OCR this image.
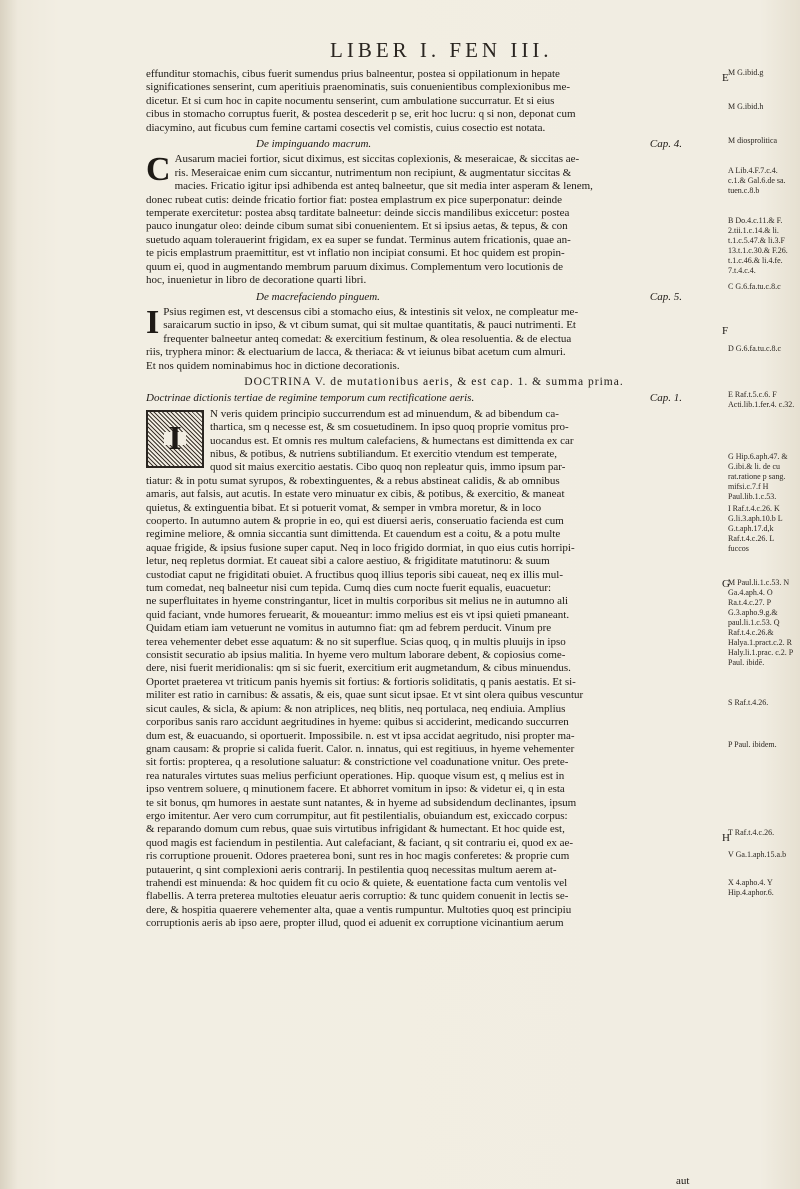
LIBER I. FEN III.

effunditur stomachis, cibus fuerit sumendus prius balneentur, postea si oppilationum in hepate
significationes senserint, cum aperitiuis praenominatis, suis conuenientibus complexionibus me-
dicetur. Et si cum hoc in capite nocumentu senserint, cum ambulatione succurratur. Et si eius
cibus in stomacho corruptus fuerit, & postea descederit p se, erit hoc lucru: q si non, deponat cum
diacymino, aut ficubus cum femine cartami cosectis vel comistis, cuius cosectio est notata.

De impinguando macrum.	Cap. 4.

C Ausarum maciei fortior, sicut diximus, est siccitas coplexionis, & meseraicae, & siccitas ae-
ris. Meseraicae enim cum siccantur, nutrimentum non recipiunt, & augmentatur siccitas &
macies. Fricatio igitur ipsi adhibenda est anteq balneetur, que sit media inter asperam & lenem,
donec rubeat cutis: deinde fricatio fortior fiat: postea emplastrum ex pice superponatur: deinde
temperate exercitetur: postea absq tarditate balneetur: deinde siccis mandilibus exiccetur: postea
pauco inungatur oleo: deinde cibum sumat sibi conuenientem. Et si ipsius aetas, & tepus, & con
suetudo aquam tolerauerint frigidam, ex ea super se fundat. Terminus autem fricationis, quae an-
te picis emplastrum praemittitur, est vt inflatio non incipiat consumi. Et hoc quidem est propin-
quum ei, quod in augmentando membrum paruum diximus. Complementum vero locutionis de
hoc, inuenietur in libro de decoratione quarti libri.

De macrefaciendo pinguem.	Cap. 5.

I Psius regimen est, vt descensus cibi a stomacho eius, & intestinis sit velox, ne compleatur me-
saraicarum suctio in ipso, & vt cibum sumat, qui sit multae quantitatis, & pauci nutrimenti. Et
frequenter balneetur anteq comedat: & exercitium festinum, & olea resoluentia. & de electua
riis, tryphera minor: & electuarium de lacca, & theriaca: & vt ieiunus bibat acetum cum almuri.
Et nos quidem nominabimus hoc in dictione decorationis.

DOCTRINA V. de mutationibus aeris, & est cap. 1. & summa prima.
Doctrinae dictionis tertiae de regimine temporum cum rectificatione aeris.	Cap. 1.

I
N veris quidem principio succurrendum est ad minuendum, & ad bibendum ca-
thartica, sm q necesse est, & sm cosuetudinem. In ipso quoq proprie vomitus pro-
uocandus est. Et omnis res multum calefaciens, & humectans est dimittenda ex car
nibus, & potibus, & nutriens subtiliandum. Et exercitio vtendum est temperate,
quod sit maius exercitio aestatis. Cibo quoq non repleatur quis, immo ipsum par-
tiatur: & in potu sumat syrupos, & robextinguentes, & a rebus abstineat calidis, & ab omnibus
amaris, aut falsis, aut acutis. In estate vero minuatur ex cibis, & potibus, & exercitio, & maneat
quietus, & extinguentia bibat. Et si potuerit vomat, & semper in vmbra moretur, & in loco
cooperto. In autumno autem & proprie in eo, qui est diuersi aeris, conseruatio facienda est cum
regimine meliore, & omnia siccantia sunt dimittenda. Et cauendum est a coitu, & a potu multe
aquae frigide, & ipsius fusione super caput. Neq in loco frigido dormiat, in quo eius cutis horripi-
letur, neq repletus dormiat. Et caueat sibi a calore aestiuo, & frigiditate matutinoru: & suum
custodiat caput ne frigiditati obuiet. A fructibus quoq illius teporis sibi caueat, neq ex illis mul-
tum comedat, neq balneetur nisi cum tepida. Cumq dies cum nocte fuerit equalis, euacuetur:
ne superfluitates in hyeme constringantur, licet in multis corporibus sit melius ne in autumno ali
quid faciant, vnde humores feruearit, & moueantur: immo melius est eis vt ipsi quieti pmaneant.
Quidam etiam iam vetuerunt ne vomitus in autumno fiat: qm ad febrem perducit. Vinum pre
terea vehementer debet esse aquatum: & no sit superflue. Scias quoq, q in multis pluuijs in ipso
consistit securatio ab ipsius malitia. In hyeme vero multum laborare debent, & copiosius come-
dere, nisi fuerit meridionalis: qm si sic fuerit, exercitium erit augmetandum, & cibus minuendus.
Oportet praeterea vt triticum panis hyemis sit fortius: & fortioris soliditatis, q panis aestatis. Et si-
militer est ratio in carnibus: & assatis, & eis, quae sunt sicut ipsae. Et vt sint olera quibus vescuntur
sicut caules, & sicla, & apium: & non atriplices, neq blitis, neq portulaca, neq endiuia. Amplius
corporibus sanis raro accidunt aegritudines in hyeme: quibus si acciderint, medicando succurren
dum est, & euacuando, si oportuerit. Impossibile. n. est vt ipsa accidat aegritudo, nisi propter ma-
gnam causam: & proprie si calida fuerit. Calor. n. innatus, qui est regitiuus, in hyeme vehementer
sit fortis: propterea, q a resolutione saluatur: & constrictione vel coadunatione vnitur. Oes prete-
rea naturales virtutes suas melius perficiunt operationes. Hip. quoque visum est, q melius est in
ipso ventrem soluere, q minutionem facere. Et abhorret vomitum in ipso: & videtur ei, q in esta
te sit bonus, qm humores in aestate sunt natantes, & in hyeme ad subsidendum declinantes, ipsum
ergo imitentur. Aer vero cum corrumpitur, aut fit pestilentialis, obuiandum est, exiccado corpus:
& reparando domum cum rebus, quae suis virtutibus infrigidant & humectant. Et hoc quide est,
quod magis est faciendum in pestilentia. Aut calefaciant, & faciant, q sit contrariu ei, quod ex ae-
ris corruptione prouenit. Odores praeterea boni, sunt res in hoc magis conferetes: & proprie cum
putauerint, q sint complexioni aeris contrarij. In pestilentia quoq necessitas multum aerem at-
trahendi est minuenda: & hoc quidem fit cu ocio & quiete, & euentatione facta cum ventolis vel
flabellis. A terra preterea multoties eleuatur aeris corruptio: & tunc quidem conuenit in lectis se-
dere, & hospitia quaerere vehementer alta, quae a ventis rumpuntur. Multoties quoq est principiu
corruptionis aeris ab ipso aere, propter illud, quod ei aduenit ex corruptione vicinantium aerum

M G.ibid.g
M G.ibid.h
M diosprolitica
A Lib.4.F.7.c.4. c.1.& Gal.6.de sa. tuen.c.8.b
B Do.4.c.11.& F. 2.tii.1.c.14.& li. t.1.c.5.47.& li.3.F 13.t.1.c.30.& F.26. t.1.c.46.& li.4.fe. 7.t.4.c.4.
C G.6.fa.tu.c.8.c
D G.6.fa.tu.c.8.c
E Raf.t.5.c.6. F Acti.lib.1.fer.4. c.32.
G Hip.6.aph.47. & G.ibi.& li. de cu rat.ratione p sang. mifsi.c.7.f H Paul.lib.1.c.53.
I Raf.t.4.c.26. K G.li.3.aph.10.b L G.t.aph.17.d,k Raf.t.4.c.26. L fuccos
M Paul.li.1.c.53. N Ga.4.aph.4. O Ra.t.4.c.27. P G.3.apho.9.g.& paul.li.1.c.53. Q Raf.t.4.c.26.& Halya.1.pract.c.2. R Haly.li.1.prac. c.2. P Paul. ibidē.
S Raf.t.4.26.
P Paul. ibidem.
T Raf.t.4.c.26.
V Ga.1.aph.15.a.b
X 4.apho.4. Y Hip.4.aphor.6.
E
F
G
H
aut
